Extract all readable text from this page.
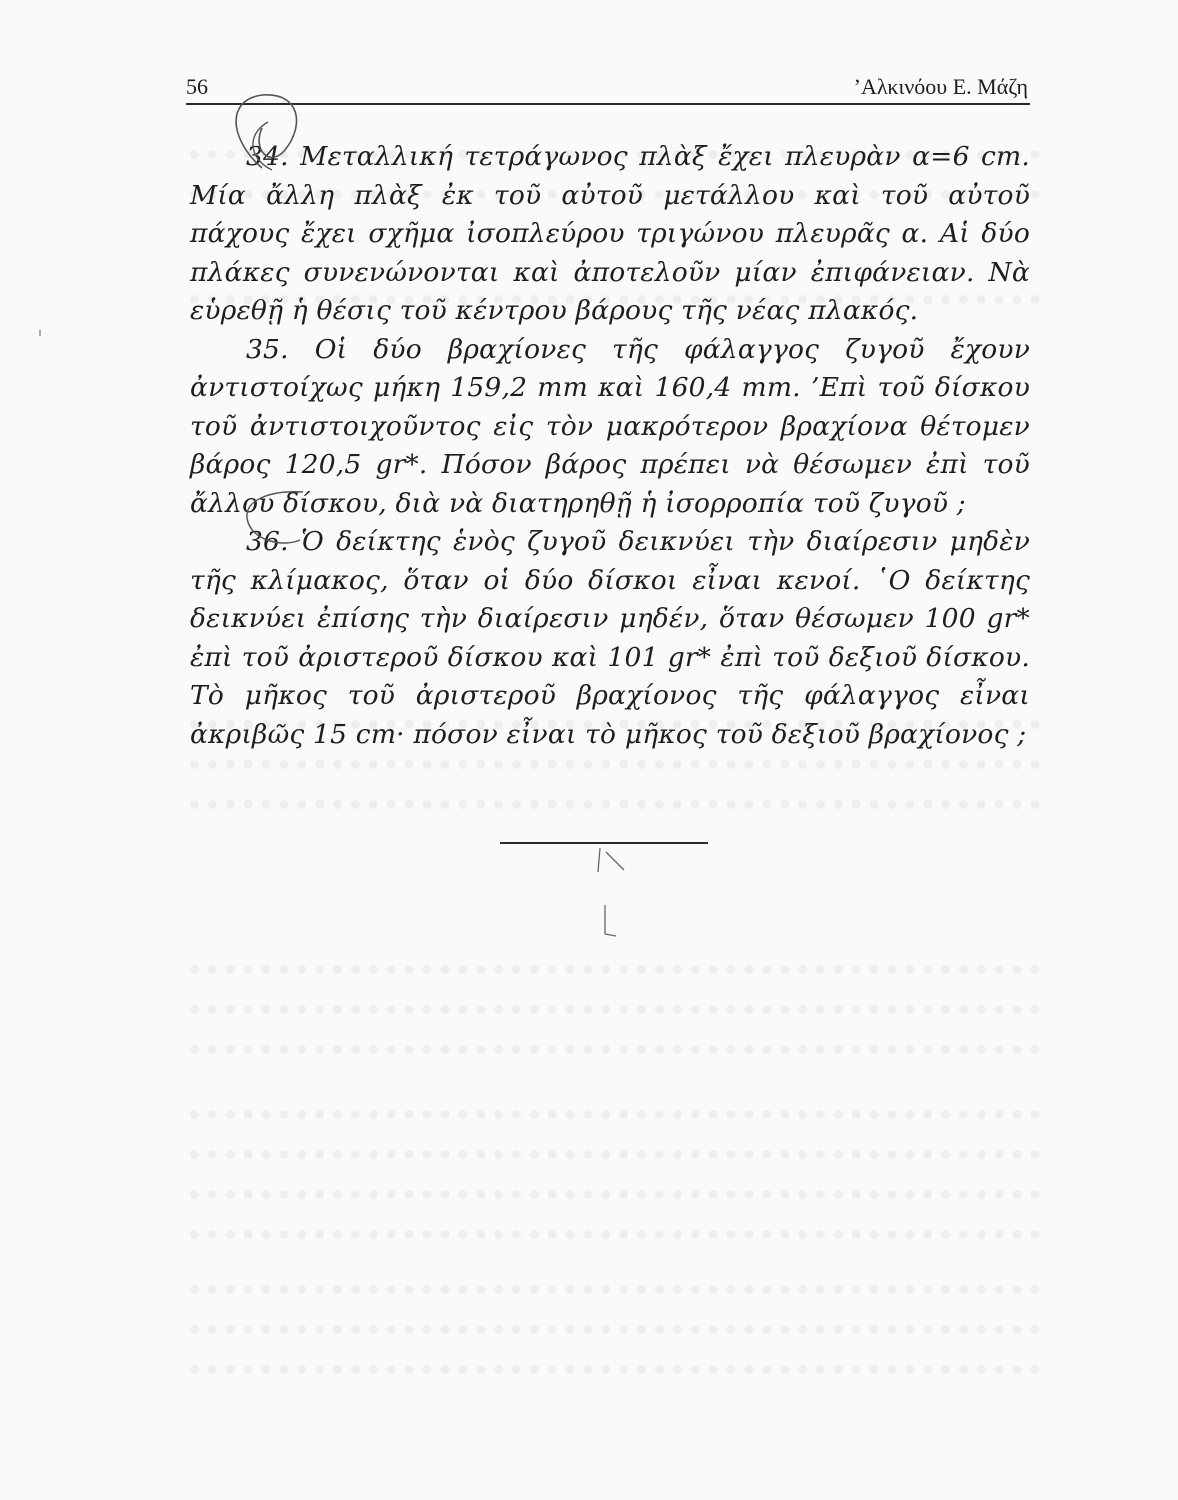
56	’Αλκινόου Ε. Μάζη

34. Μεταλλική τετράγωνος πλὰξ ἔχει πλευρὰν α=6 cm. Μία ἄλλη πλὰξ ἐκ τοῦ αὐτοῦ μετάλλου καὶ τοῦ αὐτοῦ πάχους ἔχει σχῆμα ἰσοπλεύρου τριγώνου πλευρᾶς α. Αἱ δύο πλάκες συνενώνονται καὶ ἀποτελοῦν μίαν ἐπιφάνειαν. Νὰ εὑρεθῇ ἡ θέσις τοῦ κέντρου βάρους τῆς νέας πλακός.

35. Οἱ δύο βραχίονες τῆς φάλαγγος ζυγοῦ ἔχουν ἀντιστοίχως μήκη 159,2 mm καὶ 160,4 mm. ’Επὶ τοῦ δίσκου τοῦ ἀντιστοιχοῦντος εἰς τὸν μακρότερον βραχίονα θέτομεν βάρος 120,5 gr*. Πόσον βάρος πρέπει νὰ θέσωμεν ἐπὶ τοῦ ἄλλου δίσκου, διὰ νὰ διατηρηθῇ ἡ ἰσορροπία τοῦ ζυγοῦ ;

36. Ὁ δείκτης ἑνὸς ζυγοῦ δεικνύει τὴν διαίρεσιν μηδὲν τῆς κλίμακος, ὅταν οἱ δύο δίσκοι εἶναι κενοί. ῾Ο δείκτης δεικνύει ἐπίσης τὴν διαίρεσιν μηδέν, ὅταν θέσωμεν 100 gr* ἐπὶ τοῦ ἀριστεροῦ δίσκου καὶ 101 gr* ἐπὶ τοῦ δεξιοῦ δίσκου. Τὸ μῆκος τοῦ ἀριστεροῦ βραχίονος τῆς φάλαγγος εἶναι ἀκριβῶς 15 cm· πόσον εἶναι τὸ μῆκος τοῦ δεξιοῦ βραχίονος ;
